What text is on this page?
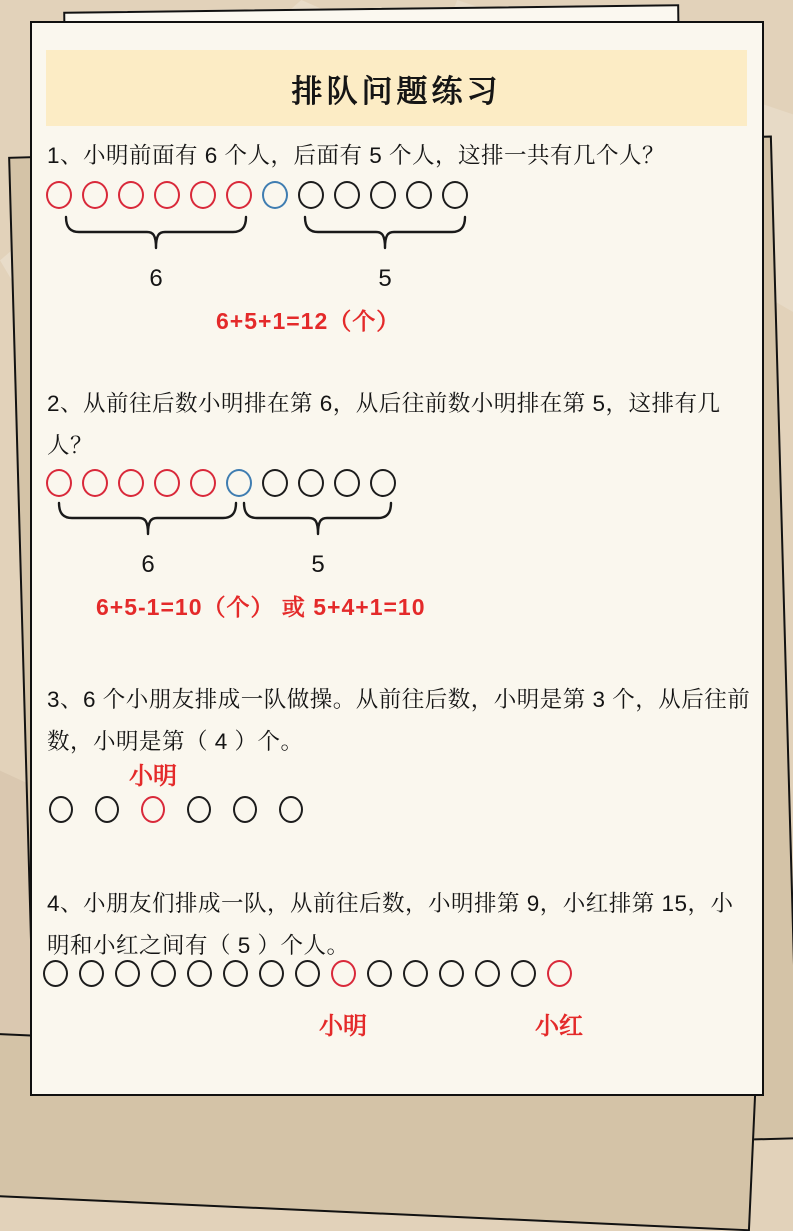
排队问题练习
1、小明前面有 6 个人，后面有 5 个人，这排一共有几个人？
6	5
6+5+1=12（个）
2、从前往后数小明排在第 6，从后往前数小明排在第 5，这排有几人？
6	5
6+5-1=10（个） 或 5+4+1=10
3、6 个小朋友排成一队做操。从前往后数，小明是第 3 个，从后往前数，小明是第（ 4 ）个。
小明
4、小朋友们排成一队，从前往后数，小明排第 9，小红排第 15，小明和小红之间有（ 5 ）个人。
小明	小红
